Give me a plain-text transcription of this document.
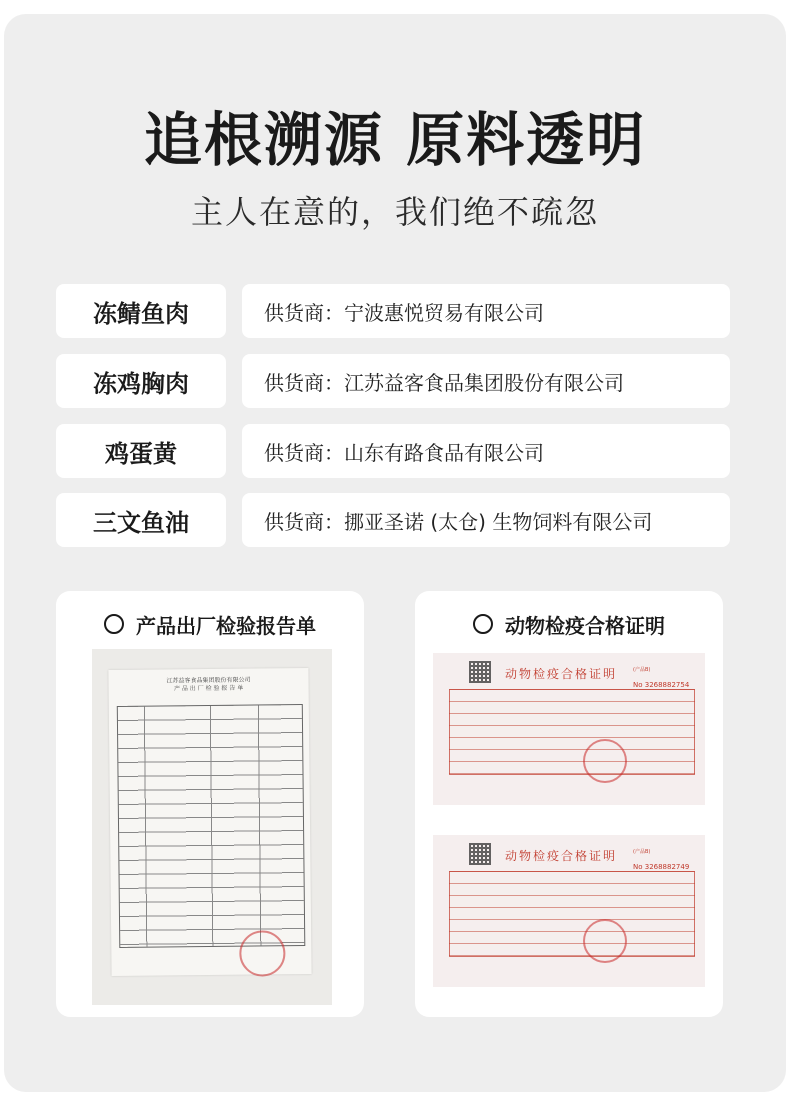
追根溯源 原料透明
主人在意的，我们绝不疏忽
冻鲭鱼肉	供货商：宁波惠悦贸易有限公司
冻鸡胸肉	供货商：江苏益客食品集团股份有限公司
鸡蛋黄	供货商：山东有路食品有限公司
三文鱼油	供货商：挪亚圣诺 (太仓) 生物饲料有限公司
产品出厂检验报告单
江苏益客食品集团股份有限公司
产 品 出 厂 检 验 报 告 单
动物检疫合格证明
动物检疫合格证明	(产品B)
No 3268882754
动物检疫合格证明	(产品B)
No 3268882749
